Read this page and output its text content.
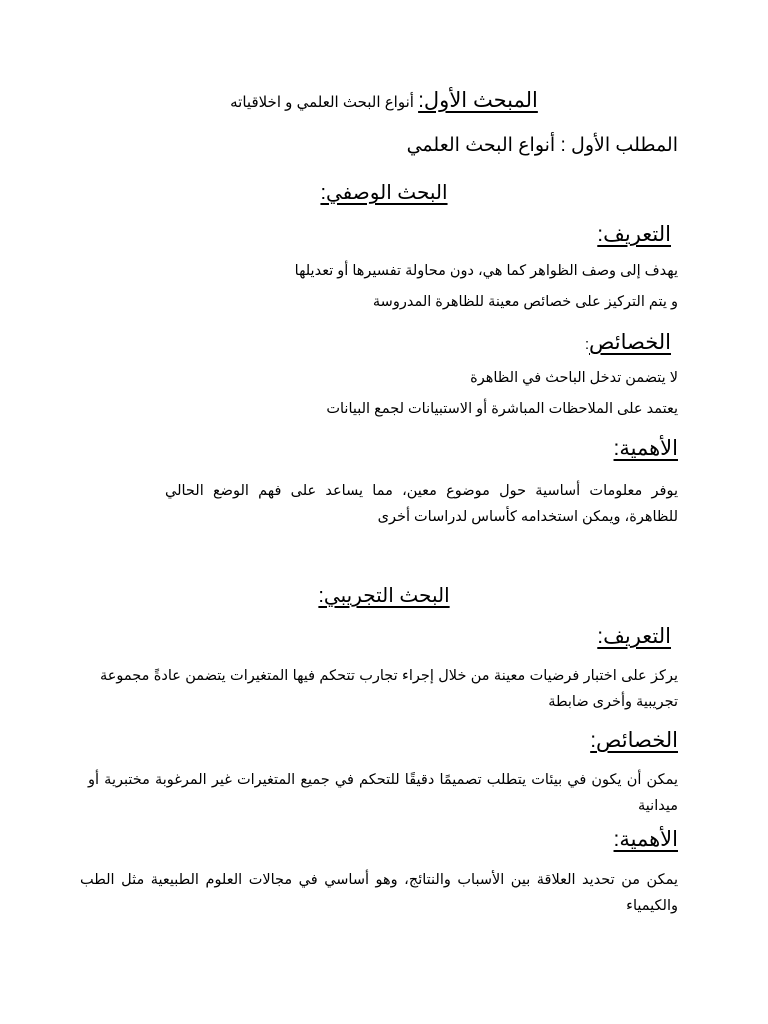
المبحث الأول: أنواع البحث العلمي و اخلاقياته
المطلب الأول : أنواع البحث العلمي
البحث الوصفي:
التعريف:
يهدف إلى وصف الظواهر كما هي، دون محاولة تفسيرها أو تعديلها
و يتم التركيز على خصائص معينة للظاهرة المدروسة
الخصائص:
لا يتضمن تدخل الباحث في الظاهرة
يعتمد على الملاحظات المباشرة أو الاستبيانات لجمع البيانات
الأهمية:
يوفر معلومات أساسية حول موضوع معين، مما يساعد على فهم الوضع الحالي للظاهرة، ويمكن استخدامه كأساس لدراسات أخرى
البحث التجريبي:
التعريف:
يركز على اختبار فرضيات معينة من خلال إجراء تجارب تتحكم فيها المتغيرات يتضمن عادةً مجموعة تجريبية وأخرى ضابطة
الخصائص:
يمكن أن يكون في بيئات يتطلب تصميمًا دقيقًا للتحكم في جميع المتغيرات غير المرغوبة مختبرية أو ميدانية
الأهمية:
يمكن من تحديد العلاقة بين الأسباب والنتائج، وهو أساسي في مجالات العلوم الطبيعية مثل الطب والكيمياء
